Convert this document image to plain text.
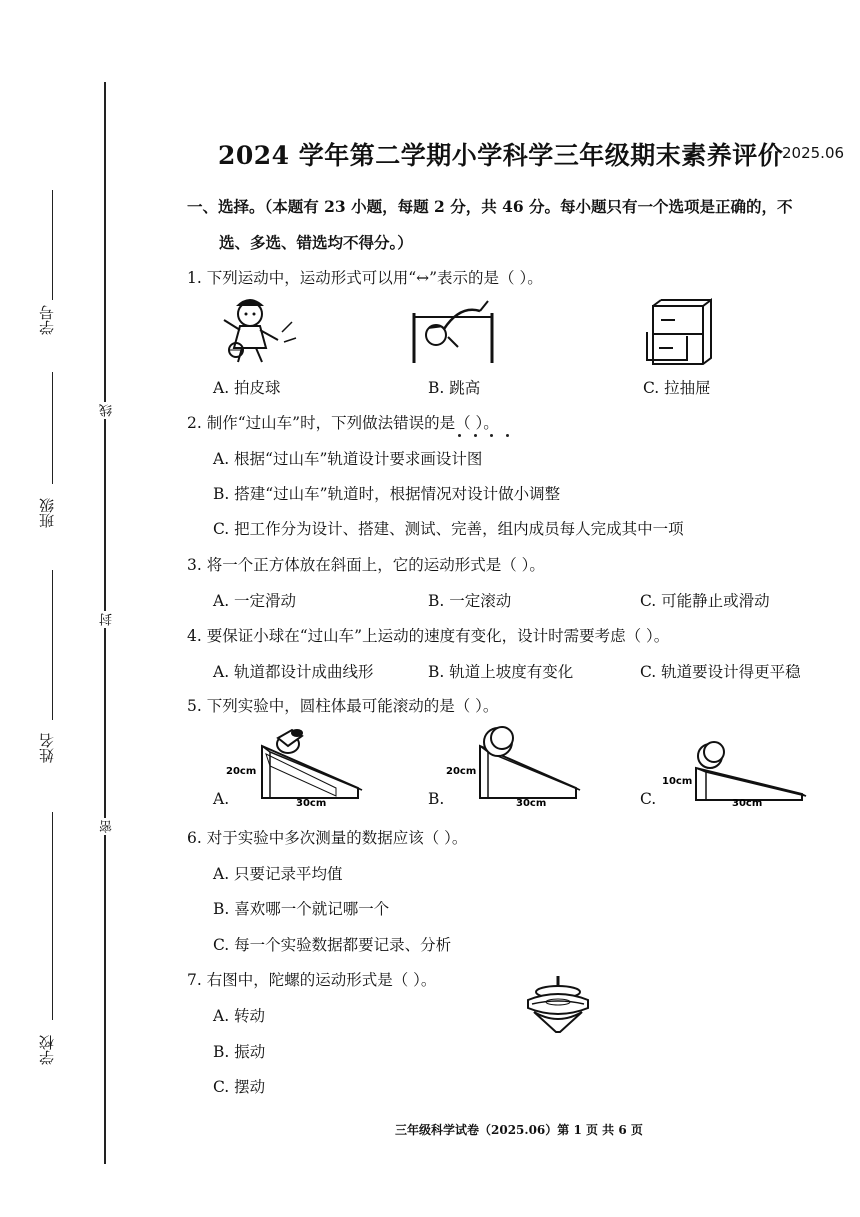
学号
班级
姓名
学校
线
封
密
2024 学年第二学期小学科学三年级期末素养评价
2025.06
一、选择。（本题有 23 小题，每题 2 分，共 46 分。每小题只有一个选项是正确的，不
选、多选、错选均不得分。）
1. 下列运动中，运动形式可以用“↔”表示的是（ ）。
A. 拍皮球	B. 跳高	C. 拉抽屉
2. 制作“过山车”时，下列做法错误的是（ ）。
A. 根据“过山车”轨道设计要求画设计图
B. 搭建“过山车”轨道时，根据情况对设计做小调整
C. 把工作分为设计、搭建、测试、完善，组内成员每人完成其中一项
3. 将一个正方体放在斜面上，它的运动形式是（ ）。
A. 一定滑动	B. 一定滚动	C. 可能静止或滑动
4. 要保证小球在“过山车”上运动的速度有变化，设计时需要考虑（ ）。
A. 轨道都设计成曲线形	B. 轨道上坡度有变化	C. 轨道要设计得更平稳
5. 下列实验中，圆柱体最可能滚动的是（ ）。
20cm
30cm
A.
20cm
30cm
B.
10cm
30cm
C.
6. 对于实验中多次测量的数据应该（ ）。
A. 只要记录平均值
B. 喜欢哪一个就记哪一个
C. 每一个实验数据都要记录、分析
7. 右图中，陀螺的运动形式是（ ）。
A. 转动
B. 振动
C. 摆动
三年级科学试卷（2025.06）第 1 页 共 6 页
